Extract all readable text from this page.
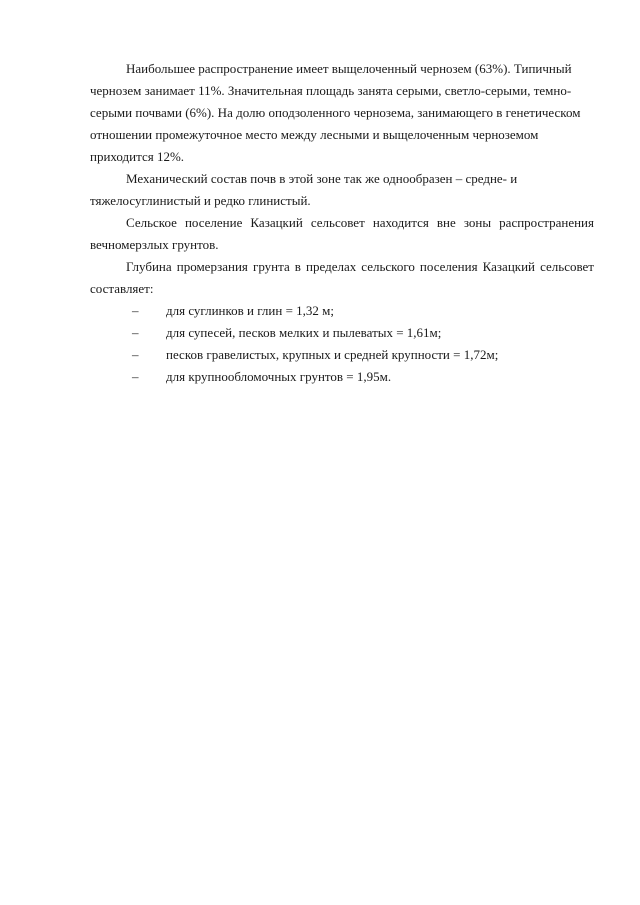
Наибольшее распространение имеет выщелоченный чернозем (63%). Типичный чернозем занимает 11%. Значительная площадь занята серыми, светло-серыми, темно-серыми почвами (6%). На долю оподзоленного чернозема, занимающего в генетическом отношении промежуточное место между лесными и выщелоченным черноземом приходится 12%.

Механический состав почв в этой зоне так же однообразен – средне- и тяжелосуглинистый и редко глинистый.

Сельское поселение Казацкий сельсовет находится вне зоны распространения вечномерзлых грунтов.

Глубина промерзания грунта в пределах сельского поселения Казацкий сельсовет составляет:

– для суглинков и глин = 1,32 м;
– для супесей, песков мелких и пылеватых = 1,61м;
– песков гравелистых, крупных и средней крупности = 1,72м;
– для крупнообломочных грунтов = 1,95м.
